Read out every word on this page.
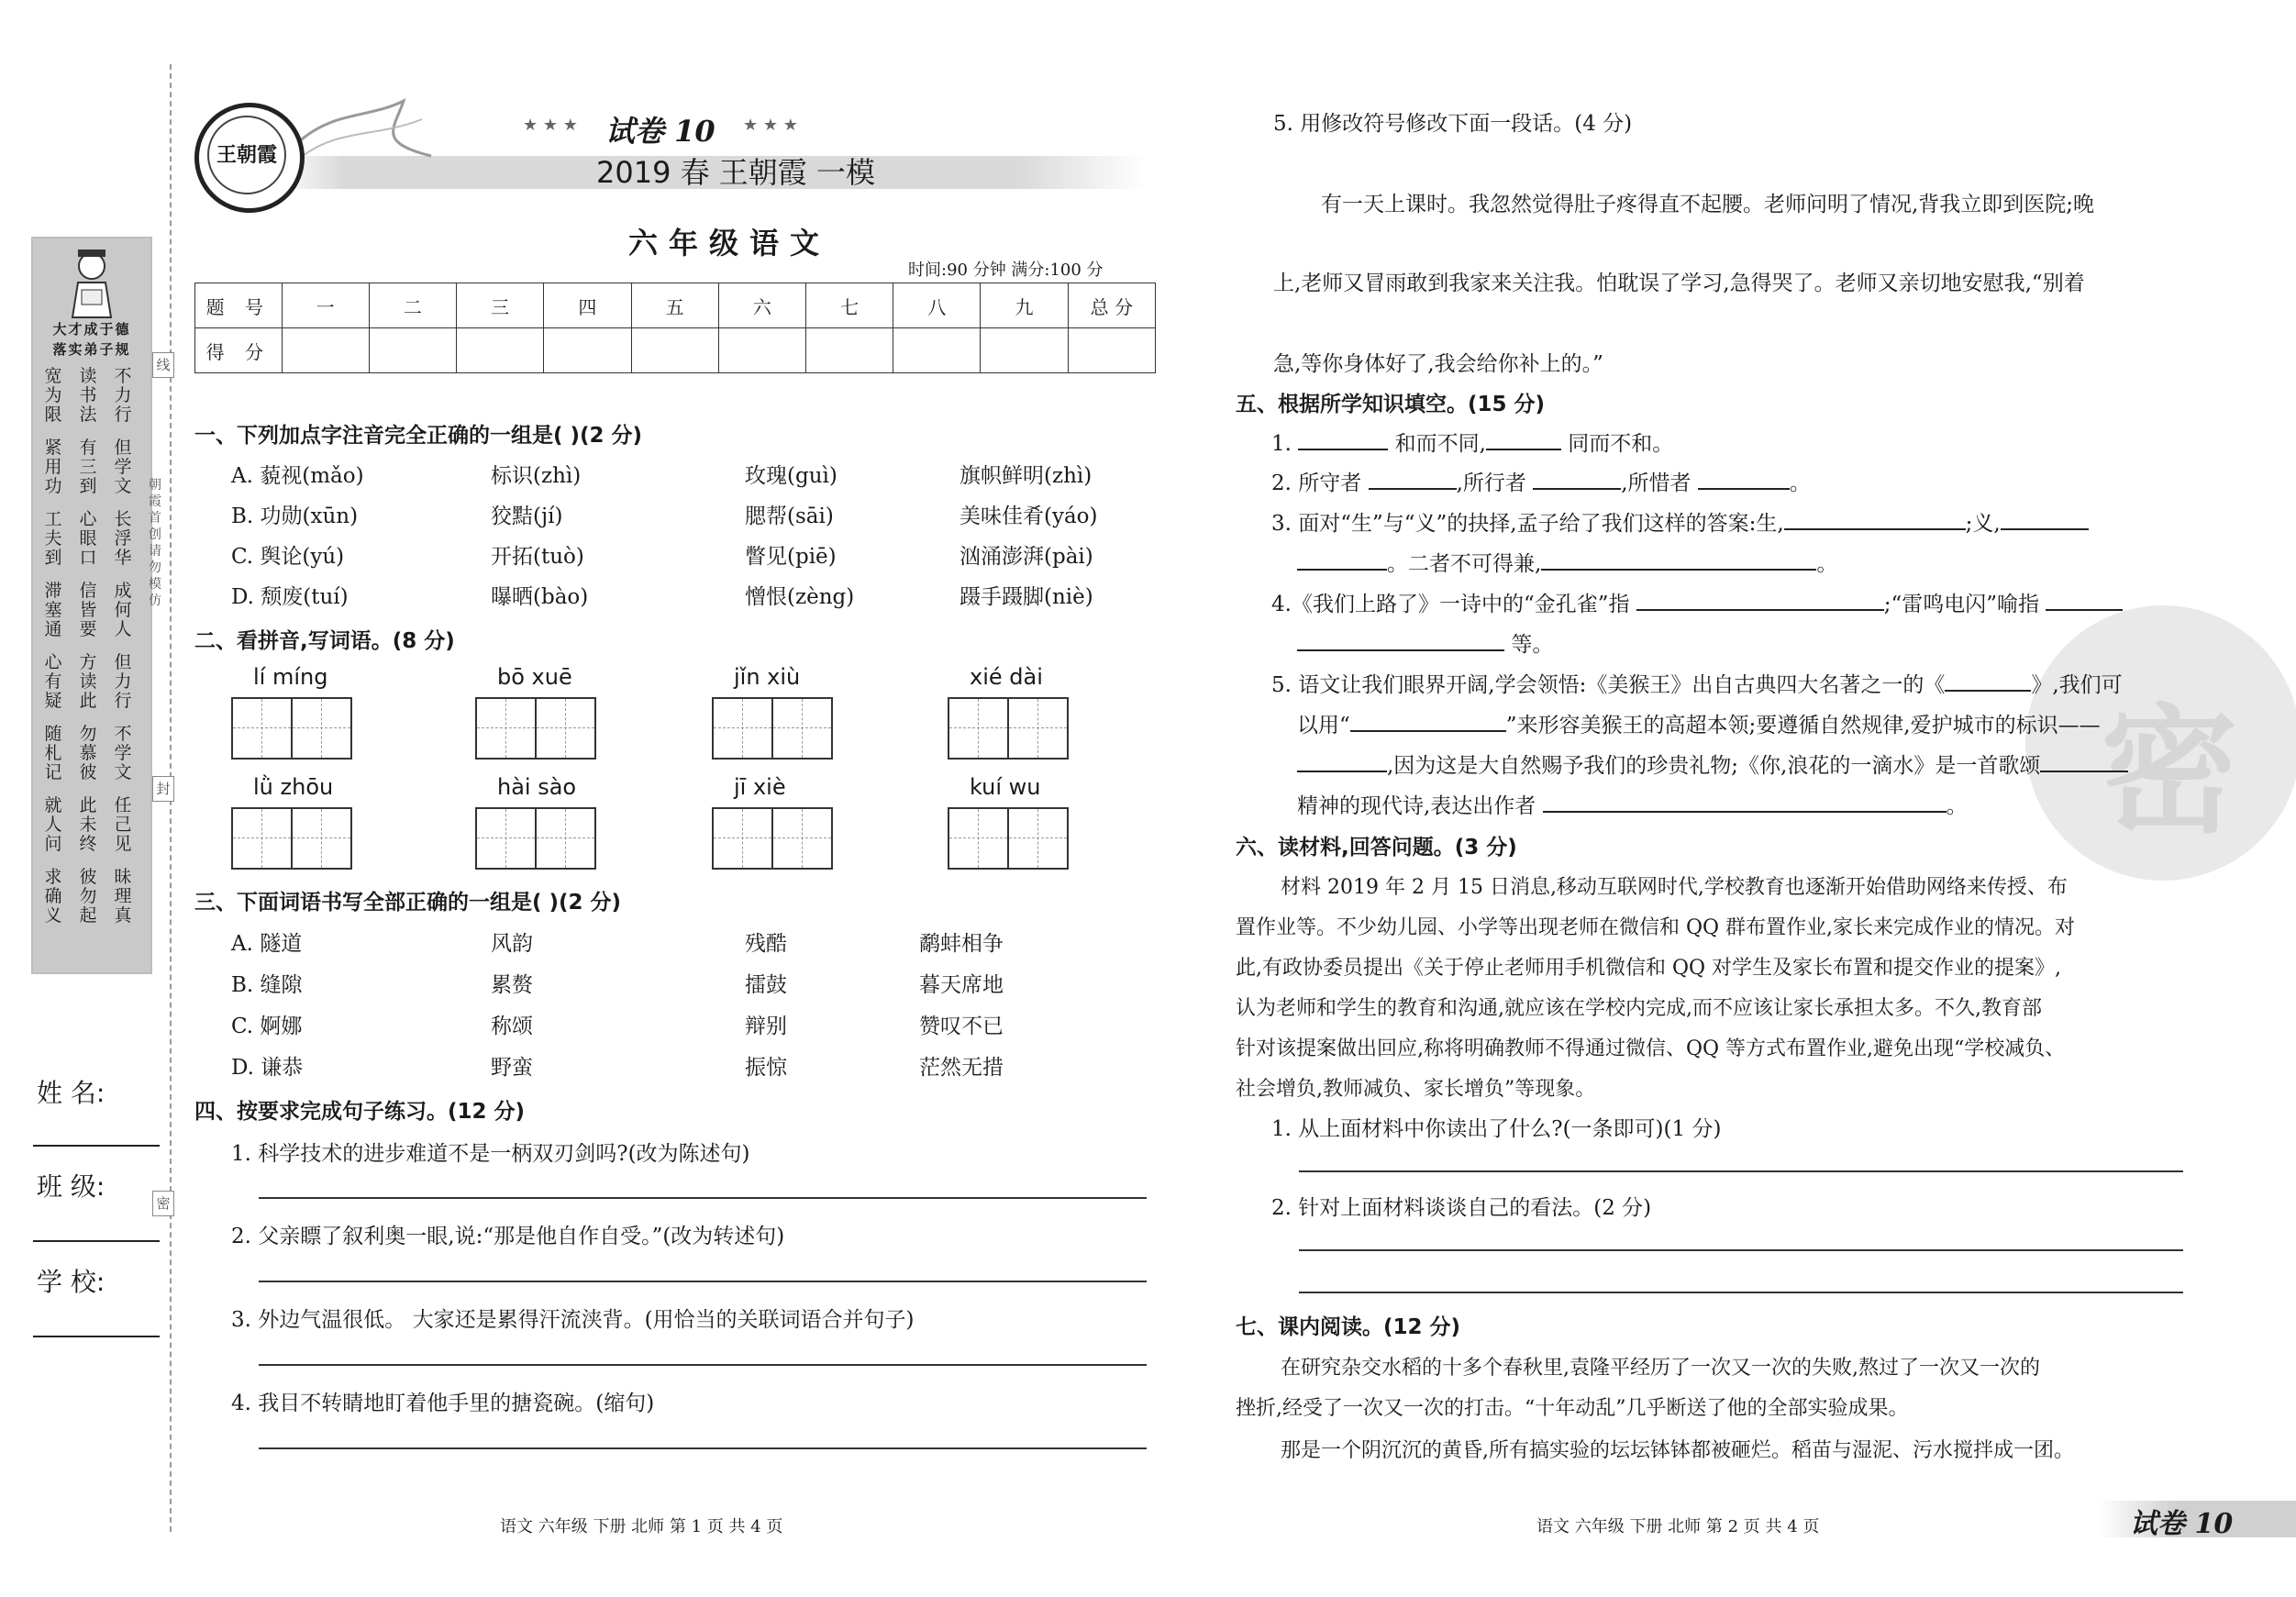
大才成于德
落实弟子规
宽为限
读书法
不力行
紧用功
有三到
但学文
工夫到
心眼口
长浮华
滞塞通
信皆要
成何人
心有疑
方读此
但力行
随札记
勿慕彼
不学文
就人问
此未终
任己见
求确义
彼勿起
昧理真
线
封
密
朝霞首创 请勿模仿
姓 名:
班 级:
学 校:
王朝霞
★ ★ ★ 试卷 10 ★ ★ ★
2019 春 王朝霞 一模
六年级语文
时间:90 分钟 满分:100 分
题 号	一	二	三	四	五	六	七	八	九	总 分
得 分										
一、下列加点字注音完全正确的一组是( )(2 分)
A. 藐视(mǎo)	标识(zhì)	玫瑰(guì)	旗帜鲜明(zhì)
B. 功勋(xūn)	狡黠(jí)	腮帮(sāi)	美味佳肴(yáo)
C. 舆论(yú)	开拓(tuò)	瞥见(piē)	汹涌澎湃(pài)
D. 颓废(tuí)	曝晒(bào)	憎恨(zèng)	蹑手蹑脚(niè)
二、看拼音,写词语。(8 分)
lí míng	bō xuē	jǐn xiù	xié dài
lǜ zhōu	hài sào	jī xiè	kuí wu
三、下面词语书写全部正确的一组是( )(2 分)
A. 隧道	风韵	残酷	鹬蚌相争
B. 缝隙	累赘	擂鼓	暮天席地
C. 婀娜	称颂	辩别	赞叹不已
D. 谦恭	野蛮	振惊	茫然无措
四、按要求完成句子练习。(12 分)
1. 科学技术的进步难道不是一柄双刃剑吗?(改为陈述句)
2. 父亲瞟了叙利奥一眼,说:“那是他自作自受。”(改为转述句)
3. 外边气温很低。 大家还是累得汗流浃背。(用恰当的关联词语合并句子)
4. 我目不转睛地盯着他手里的搪瓷碗。(缩句)
语文 六年级 下册 北师 第 1 页 共 4 页
密
5. 用修改符号修改下面一段话。(4 分)
有一天上课时。我忽然觉得肚子疼得直不起腰。老师问明了情况,背我立即到医院;晚
上,老师又冒雨敢到我家来关注我。怕耽误了学习,急得哭了。老师又亲切地安慰我,“别着
急,等你身体好了,我会给你补上的。”
五、根据所学知识填空。(15 分)
1.	和而不同,	同而不和。
2. 所守者	,所行者	,所惜者	。
3. 面对“生”与“义”的抉择,孟子给了我们这样的答案:生,	;义,
。二者不可得兼,	。
4.《我们上路了》一诗中的“金孔雀”指	;“雷鸣电闪”喻指
等。
5. 语文让我们眼界开阔,学会领悟:《美猴王》出自古典四大名著之一的《	》,我们可
以用“	”来形容美猴王的高超本领;要遵循自然规律,爱护城市的标识——
,因为这是大自然赐予我们的珍贵礼物;《你,浪花的一滴水》是一首歌颂
精神的现代诗,表达出作者	。
六、读材料,回答问题。(3 分)
材料 2019 年 2 月 15 日消息,移动互联网时代,学校教育也逐渐开始借助网络来传授、布
置作业等。不少幼儿园、小学等出现老师在微信和 QQ 群布置作业,家长来完成作业的情况。对
此,有政协委员提出《关于停止老师用手机微信和 QQ 对学生及家长布置和提交作业的提案》,
认为老师和学生的教育和沟通,就应该在学校内完成,而不应该让家长承担太多。不久,教育部
针对该提案做出回应,称将明确教师不得通过微信、QQ 等方式布置作业,避免出现“学校减负、
社会增负,教师减负、家长增负”等现象。
1. 从上面材料中你读出了什么?(一条即可)(1 分)
2. 针对上面材料谈谈自己的看法。(2 分)
七、课内阅读。(12 分)
在研究杂交水稻的十多个春秋里,袁隆平经历了一次又一次的失败,熬过了一次又一次的
挫折,经受了一次又一次的打击。“十年动乱”几乎断送了他的全部实验成果。
那是一个阴沉沉的黄昏,所有搞实验的坛坛钵钵都被砸烂。稻苗与湿泥、污水搅拌成一团。
语文 六年级 下册 北师 第 2 页 共 4 页	试卷 10
